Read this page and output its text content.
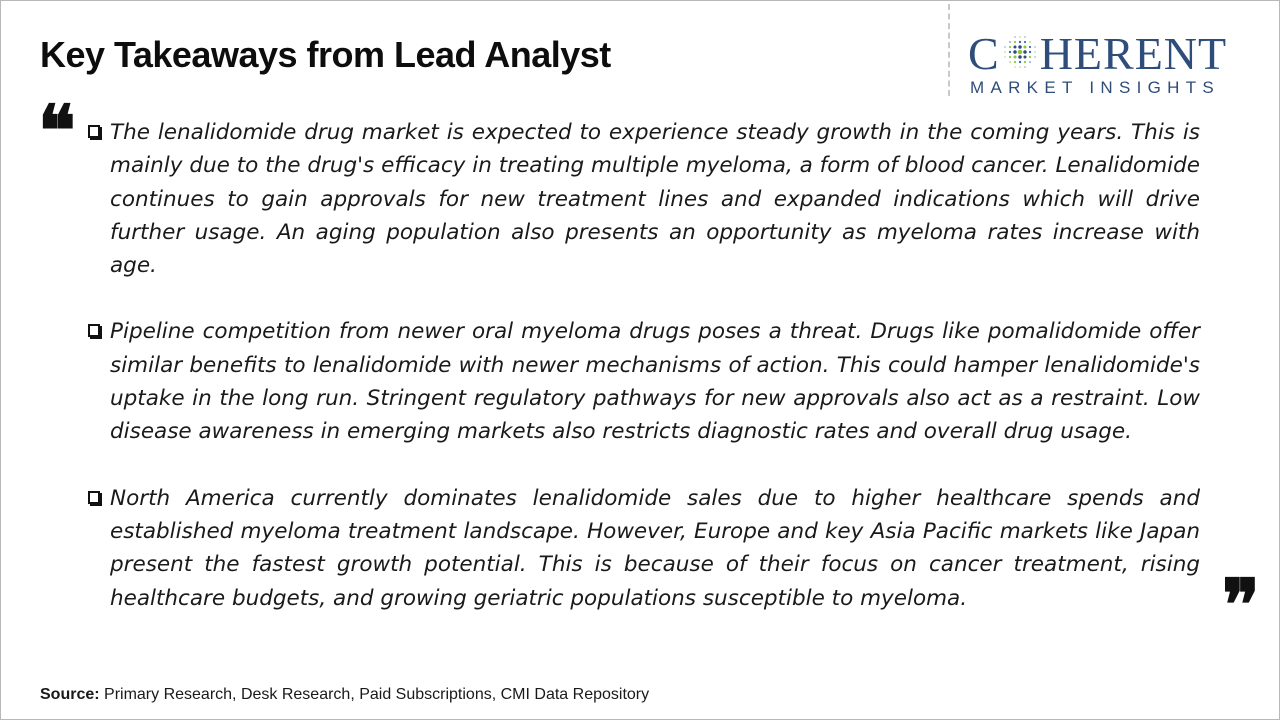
Key Takeaways from Lead Analyst	C HERENT
MARKET INSIGHTS
❝
❞
The lenalidomide drug market is expected to experience steady growth in the coming years. This is mainly due to the drug's efficacy in treating multiple myeloma, a form of blood cancer. Lenalidomide continues to gain approvals for new treatment lines and expanded indications which will drive further usage. An aging population also presents an opportunity as myeloma rates increase with age.
Pipeline competition from newer oral myeloma drugs poses a threat. Drugs like pomalidomide offer similar benefits to lenalidomide with newer mechanisms of action. This could hamper lenalidomide's uptake in the long run. Stringent regulatory pathways for new approvals also act as a restraint. Low disease awareness in emerging markets also restricts diagnostic rates and overall drug usage.
North America currently dominates lenalidomide sales due to higher healthcare spends and established myeloma treatment landscape. However, Europe and key Asia Pacific markets like Japan present the fastest growth potential. This is because of their focus on cancer treatment, rising healthcare budgets, and growing geriatric populations susceptible to myeloma.
Source: Primary Research, Desk Research, Paid Subscriptions, CMI Data Repository
